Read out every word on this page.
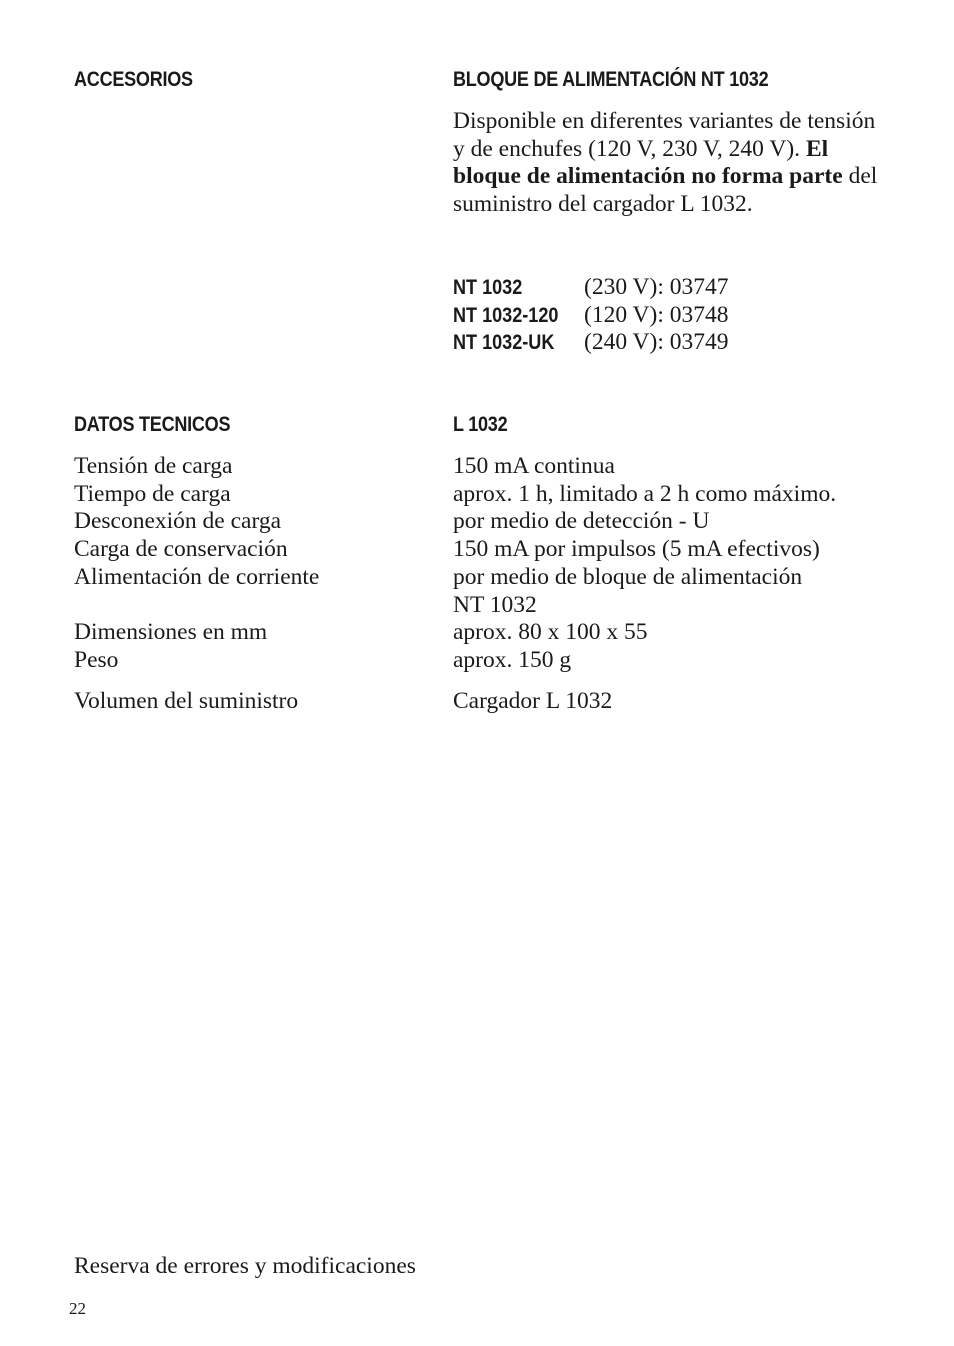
ACCESORIOS	BLOQUE DE ALIMENTACIÓN NT 1032
Disponible en diferentes variantes de tensión y de enchufes (120 V, 230 V, 240 V). El bloque de alimentación no forma parte del suministro del cargador L 1032.
NT 1032	(230 V): 03747
NT 1032-120	(120 V): 03748
NT 1032-UK	(240 V): 03749
DATOS TECNICOS	L 1032
Tensión de carga	150 mA continua
Tiempo de carga	aprox. 1 h, limitado a 2 h como máximo.
Desconexión de carga	por medio de detección - U
Carga de conservación	150 mA por impulsos (5 mA efectivos)
Alimentación de corriente	por medio de bloque de alimentación
NT 1032
Dimensiones en mm	aprox. 80 x 100 x 55
Peso	aprox. 150 g
Volumen del suministro	Cargador L 1032
Reserva de errores y modificaciones
22
